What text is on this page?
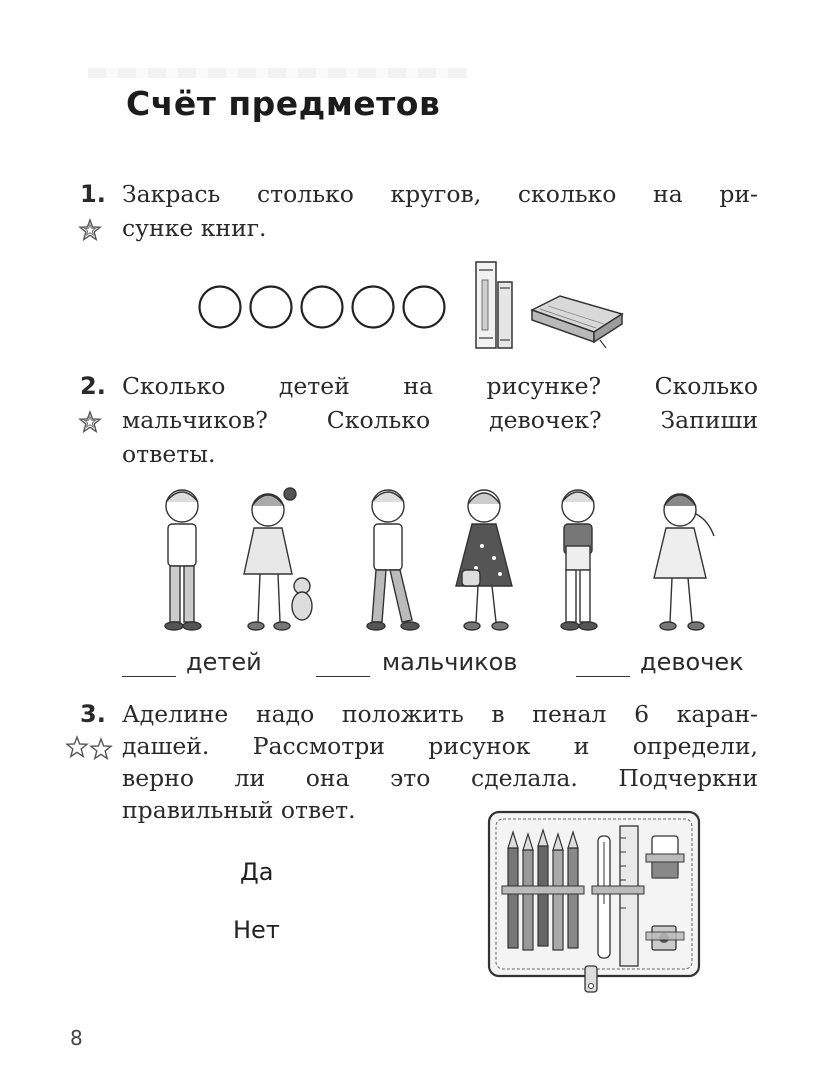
Счёт предметов
1. Закрась столько кругов, сколько на ри-
сунке книг.
2. Сколько детей на рисунке? Сколько
мальчиков? Сколько девочек? Запиши
ответы.
детей	мальчиков	девочек
3. Аделине надо положить в пенал 6 каран-
дашей. Рассмотри рисунок и определи,
верно ли она это сделала. Подчеркни
правильный ответ.
Да
Нет
8
